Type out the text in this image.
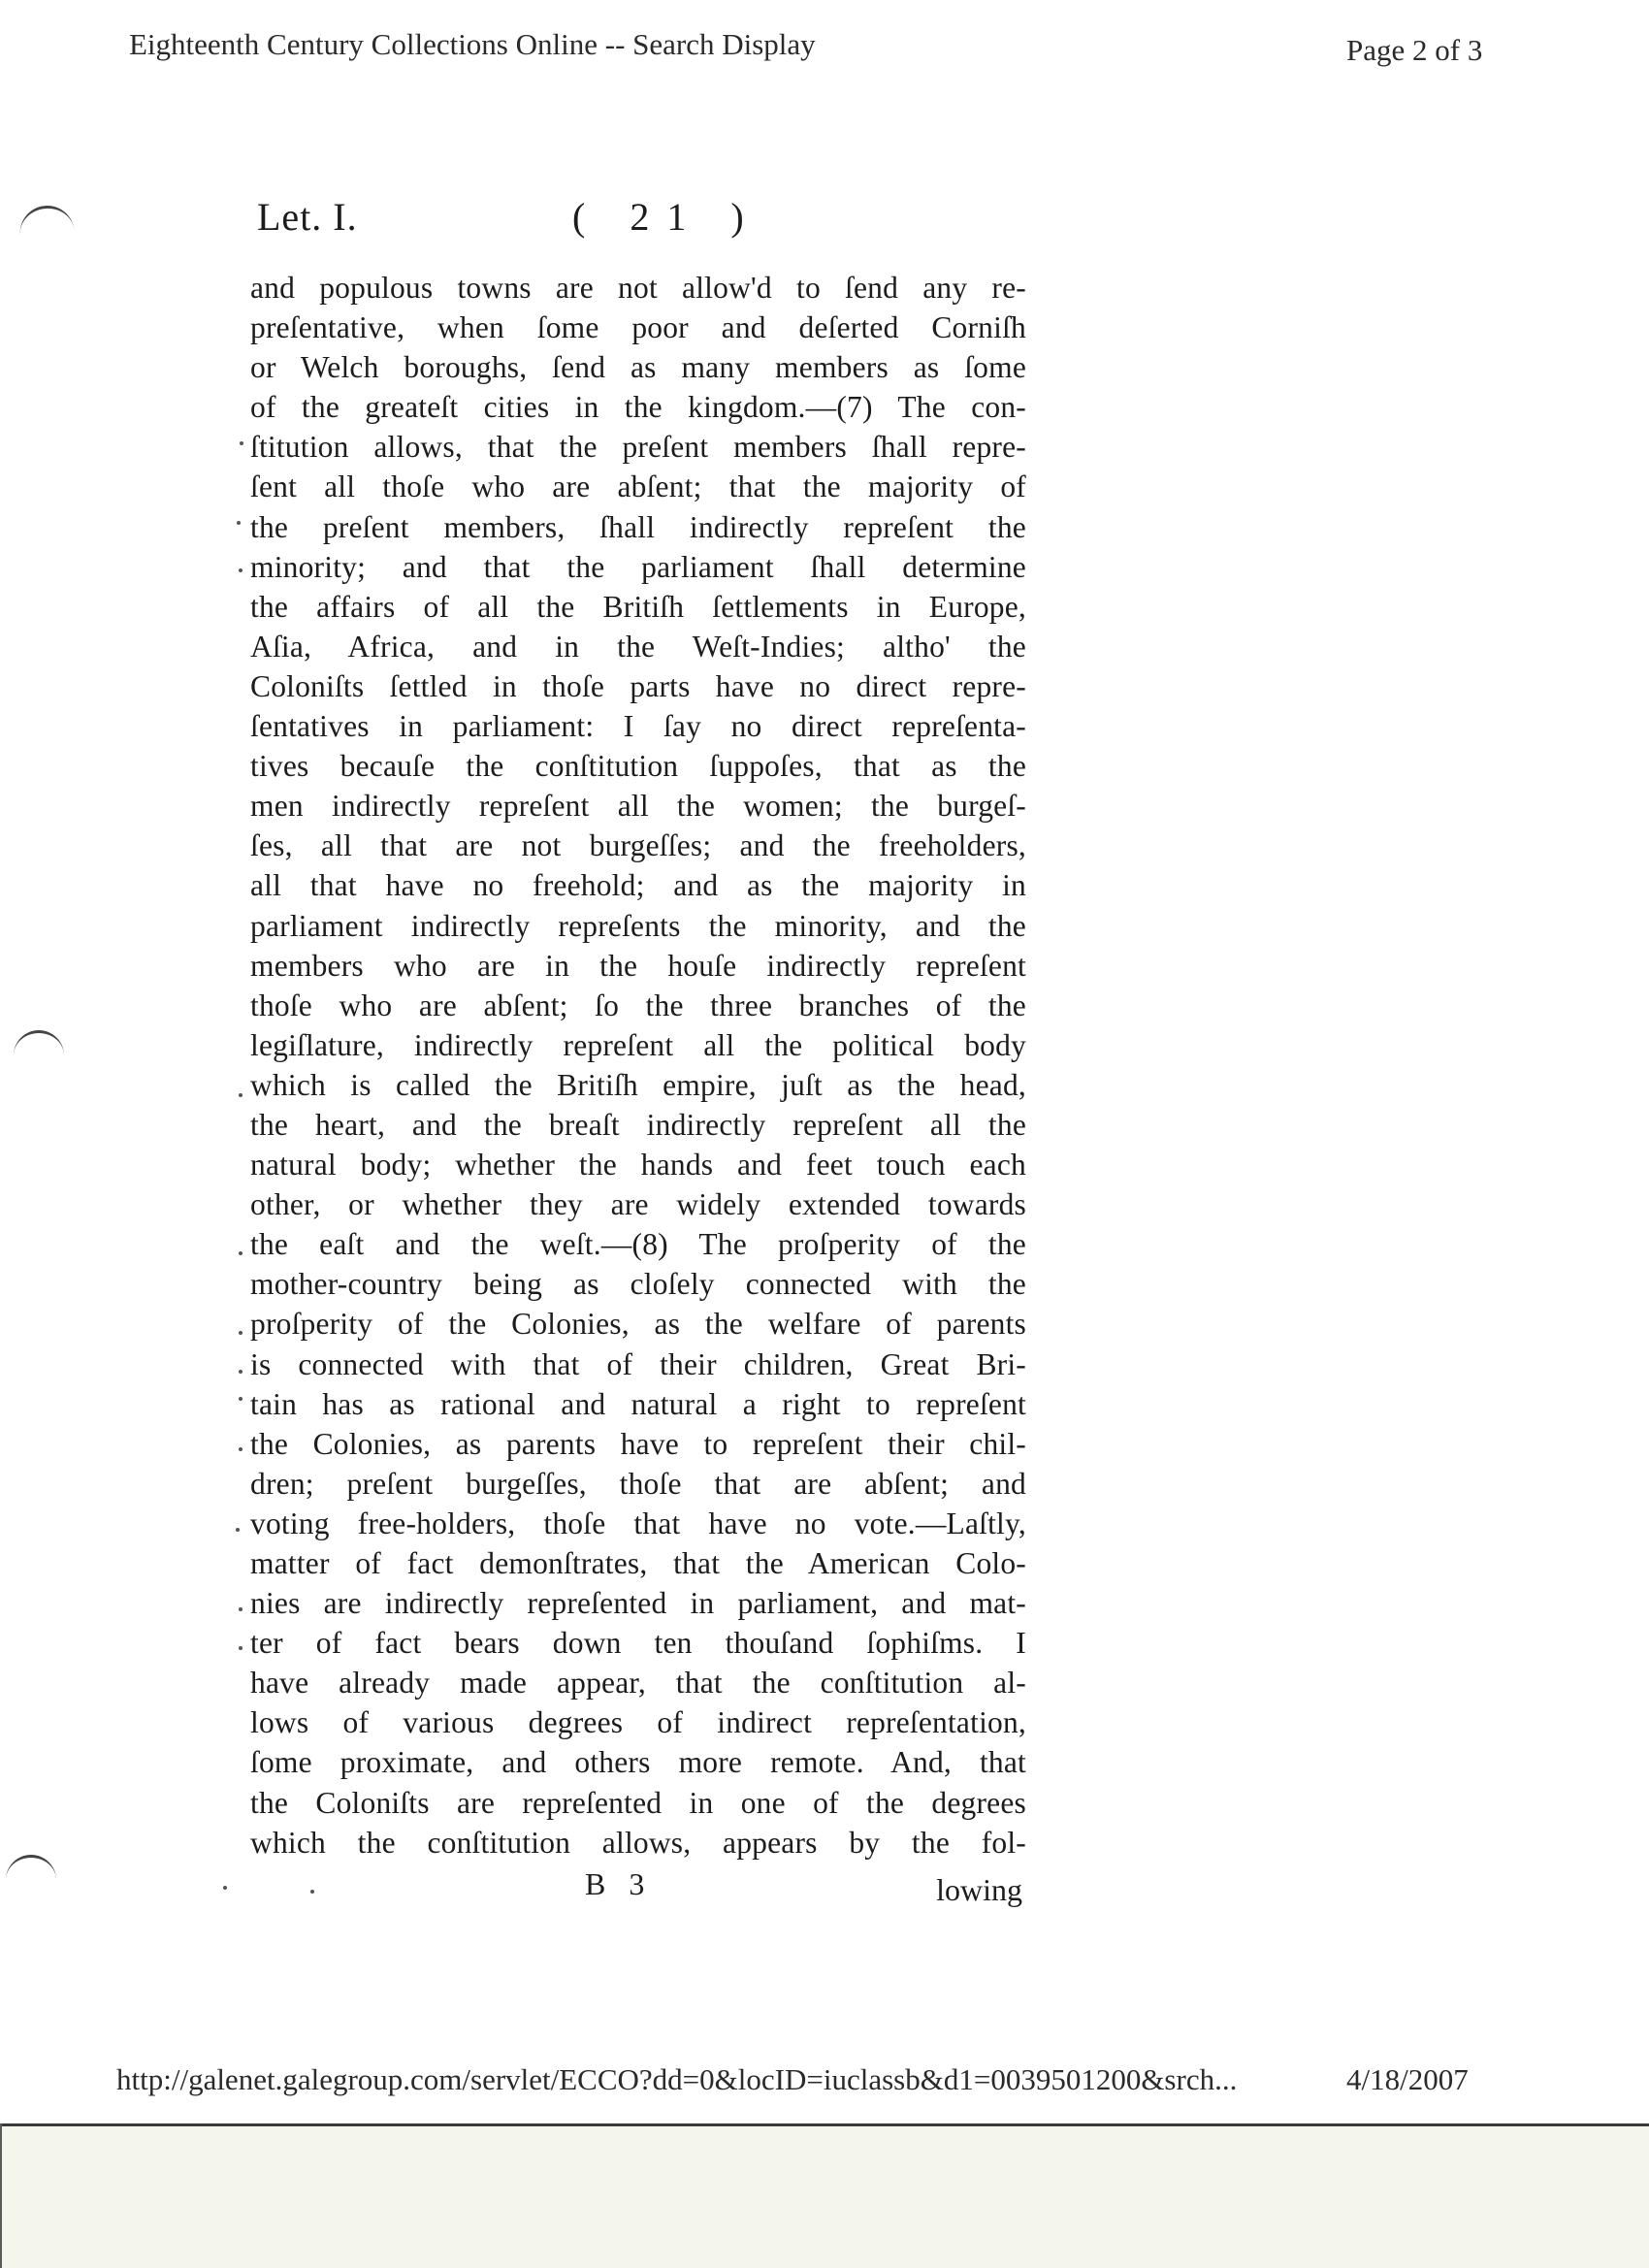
Eighteenth Century Collections Online -- Search Display	Page 2 of 3
Let. I.	( 21 )
and populous towns are not allow'd to ſend any re-
preſentative, when ſome poor and deſerted Corniſh
or Welch boroughs, ſend as many members as ſome
of the greateſt cities in the kingdom.—(7) The con-
ſtitution allows, that the preſent members ſhall repre-
ſent all thoſe who are abſent; that the majority of
the preſent members, ſhall indirectly repreſent the
minority; and that the parliament ſhall determine
the affairs of all the Britiſh ſettlements in Europe,
Aſia, Africa, and in the Weſt-Indies; altho' the
Coloniſts ſettled in thoſe parts have no direct repre-
ſentatives in parliament: I ſay no direct repreſenta-
tives becauſe the conſtitution ſuppoſes, that as the
men indirectly repreſent all the women; the burgeſ-
ſes, all that are not burgeſſes; and the freeholders,
all that have no freehold; and as the majority in
parliament indirectly repreſents the minority, and the
members who are in the houſe indirectly repreſent
thoſe who are abſent; ſo the three branches of the
legiſlature, indirectly repreſent all the political body
which is called the Britiſh empire, juſt as the head,
the heart, and the breaſt indirectly repreſent all the
natural body; whether the hands and feet touch each
other, or whether they are widely extended towards
the eaſt and the weſt.—(8) The proſperity of the
mother-country being as cloſely connected with the
proſperity of the Colonies, as the welfare of parents
is connected with that of their children, Great Bri-
tain has as rational and natural a right to repreſent
the Colonies, as parents have to repreſent their chil-
dren; preſent burgeſſes, thoſe that are abſent; and
voting free-holders, thoſe that have no vote.—Laſtly,
matter of fact demonſtrates, that the American Colo-
nies are indirectly repreſented in parliament, and mat-
ter of fact bears down ten thouſand ſophiſms. I
have already made appear, that the conſtitution al-
lows of various degrees of indirect repreſentation,
ſome proximate, and others more remote. And, that
the Coloniſts are repreſented in one of the degrees
which the conſtitution allows, appears by the fol-
B 3	lowing
http://galenet.galegroup.com/servlet/ECCO?dd=0&locID=iuclassb&d1=0039501200&srch...	4/18/2007
